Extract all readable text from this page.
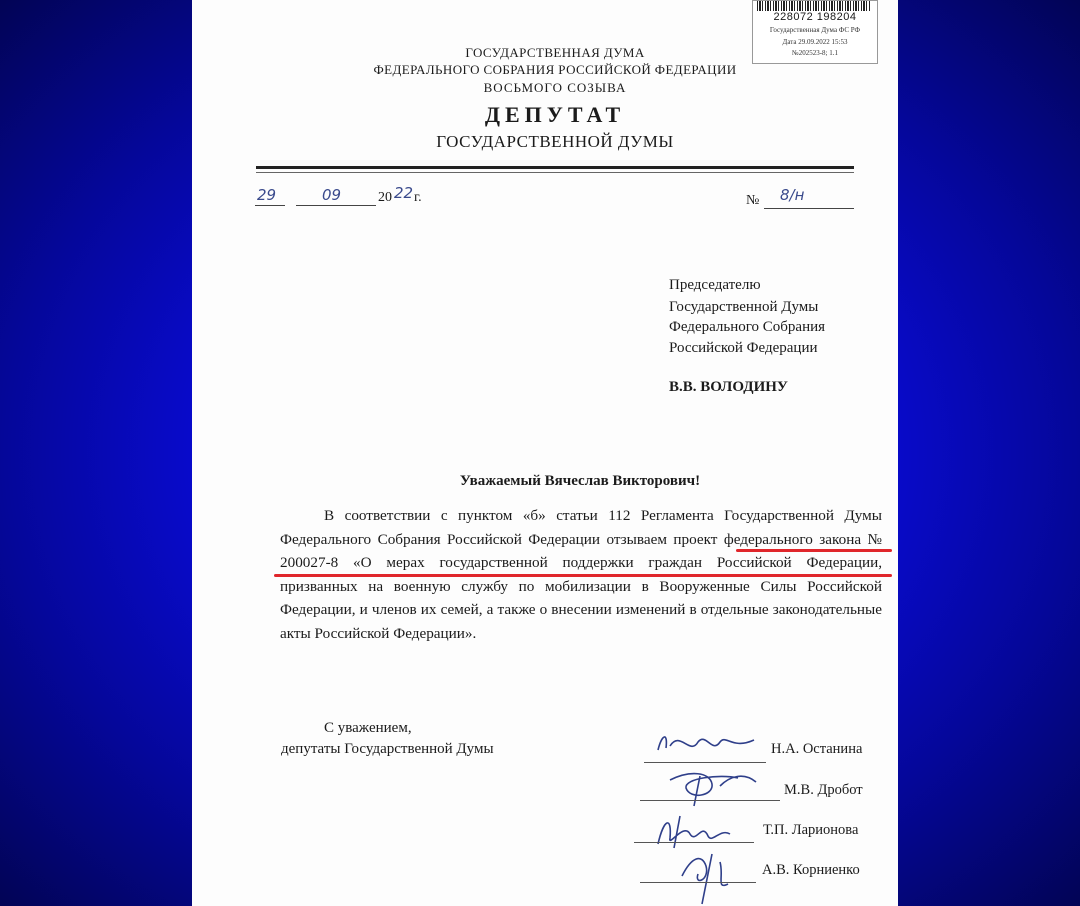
228072 198204
Государственная Дума ФС РФ
Дата 29.09.2022 15:53
№202523-8; 1.1
ГОСУДАРСТВЕННАЯ ДУМА
ФЕДЕРАЛЬНОГО СОБРАНИЯ РОССИЙСКОЙ ФЕДЕРАЦИИ
ВОСЬМОГО СОЗЫВА
ДЕПУТАТ
ГОСУДАРСТВЕННОЙ ДУМЫ
29	09	20 22 г.	№ 8/н
Председателю
Государственной Думы
Федерального Собрания
Российской Федерации
В.В. ВОЛОДИНУ
Уважаемый Вячеслав Викторович!

В соответствии с пунктом «б» статьи 112 Регламента Государственной Думы Федерального Собрания Российской Федерации отзываем проект федерального закона № 200027-8 «О мерах государственной поддержки граждан Российской Федерации, призванных на военную службу по мобилизации в Вооруженные Силы Российской Федерации, и членов их семей, а также о внесении изменений в отдельные законодательные акты Российской Федерации».

С уважением,
депутаты Государственной Думы	Н.А. Останина
М.В. Дробот
Т.П. Ларионова
А.В. Корниенко
